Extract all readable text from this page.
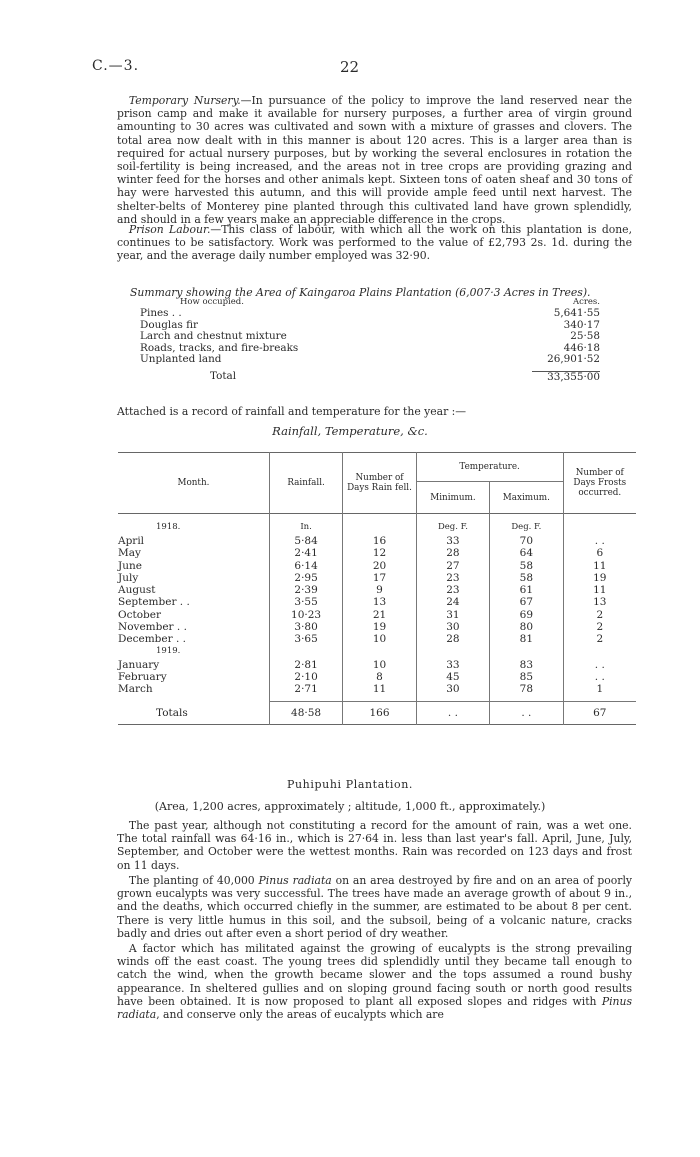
C.—3.	22
Temporary Nursery.—In pursuance of the policy to improve the land reserved near the prison camp and make it available for nursery purposes, a further area of virgin ground amounting to 30 acres was cultivated and sown with a mixture of grasses and clovers. The total area now dealt with in this manner is about 120 acres. This is a larger area than is required for actual nursery purposes, but by working the several enclosures in rotation the soil-fertility is being increased, and the areas not in tree crops are providing grazing and winter feed for the horses and other animals kept. Sixteen tons of oaten sheaf and 30 tons of hay were harvested this autumn, and this will provide ample feed until next harvest. The shelter-belts of Monterey pine planted through this cultivated land have grown splendidly, and should in a few years make an appreciable difference in the crops.
Prison Labour.—This class of labour, with which all the work on this plantation is done, continues to be satisfactory. Work was performed to the value of £2,793 2s. 1d. during the year, and the average daily number employed was 32·90.
Summary showing the Area of Kaingaroa Plains Plantation (6,007·3 Acres in Trees).
How occupied.	Acres.
Pines . .	5,641·55
Douglas fir	340·17
Larch and chestnut mixture	25·58
Roads, tracks, and fire-breaks	446·18
Unplanted land	26,901·52
Total	33,355·00
Attached is a record of rainfall and temperature for the year :—
Rainfall, Temperature, &c.
Month.	Rainfall.	Number of Days Rain fell.	Temperature.		Number of Days Frosts occurred.
			Minimum.	Maximum.	

1918.	In.		Deg. F.	Deg. F.	
April	5·84	16	33	70	. .
May	2·41	12	28	64	6
June	6·14	20	27	58	11
July	2·95	17	23	58	19
August	2·39	9	23	61	11
September . .	3·55	13	24	67	13
October	10·23	21	31	69	2
November . .	3·80	19	30	80	2
December . .	3·65	10	28	81	2
1919.					
January	2·81	10	33	83	. .
February	2·10	8	45	85	. .
March	2·71	11	30	78	1

Totals	48·58	166	. .	. .	67
Puhipuhi Plantation.
(Area, 1,200 acres, approximately ; altitude, 1,000 ft., approximately.)
The past year, although not constituting a record for the amount of rain, was a wet one. The total rainfall was 64·16 in., which is 27·64 in. less than last year's fall. April, June, July, September, and October were the wettest months. Rain was recorded on 123 days and frost on 11 days.
The planting of 40,000 Pinus radiata on an area destroyed by fire and on an area of poorly grown eucalypts was very successful. The trees have made an average growth of about 9 in., and the deaths, which occurred chiefly in the summer, are estimated to be about 8 per cent. There is very little humus in this soil, and the subsoil, being of a volcanic nature, cracks badly and dries out after even a short period of dry weather.
A factor which has militated against the growing of eucalypts is the strong prevailing winds off the east coast. The young trees did splendidly until they became tall enough to catch the wind, when the growth became slower and the tops assumed a round bushy appearance. In sheltered gullies and on sloping ground facing south or north good results have been obtained. It is now proposed to plant all exposed slopes and ridges with Pinus radiata, and conserve only the areas of eucalypts which are
